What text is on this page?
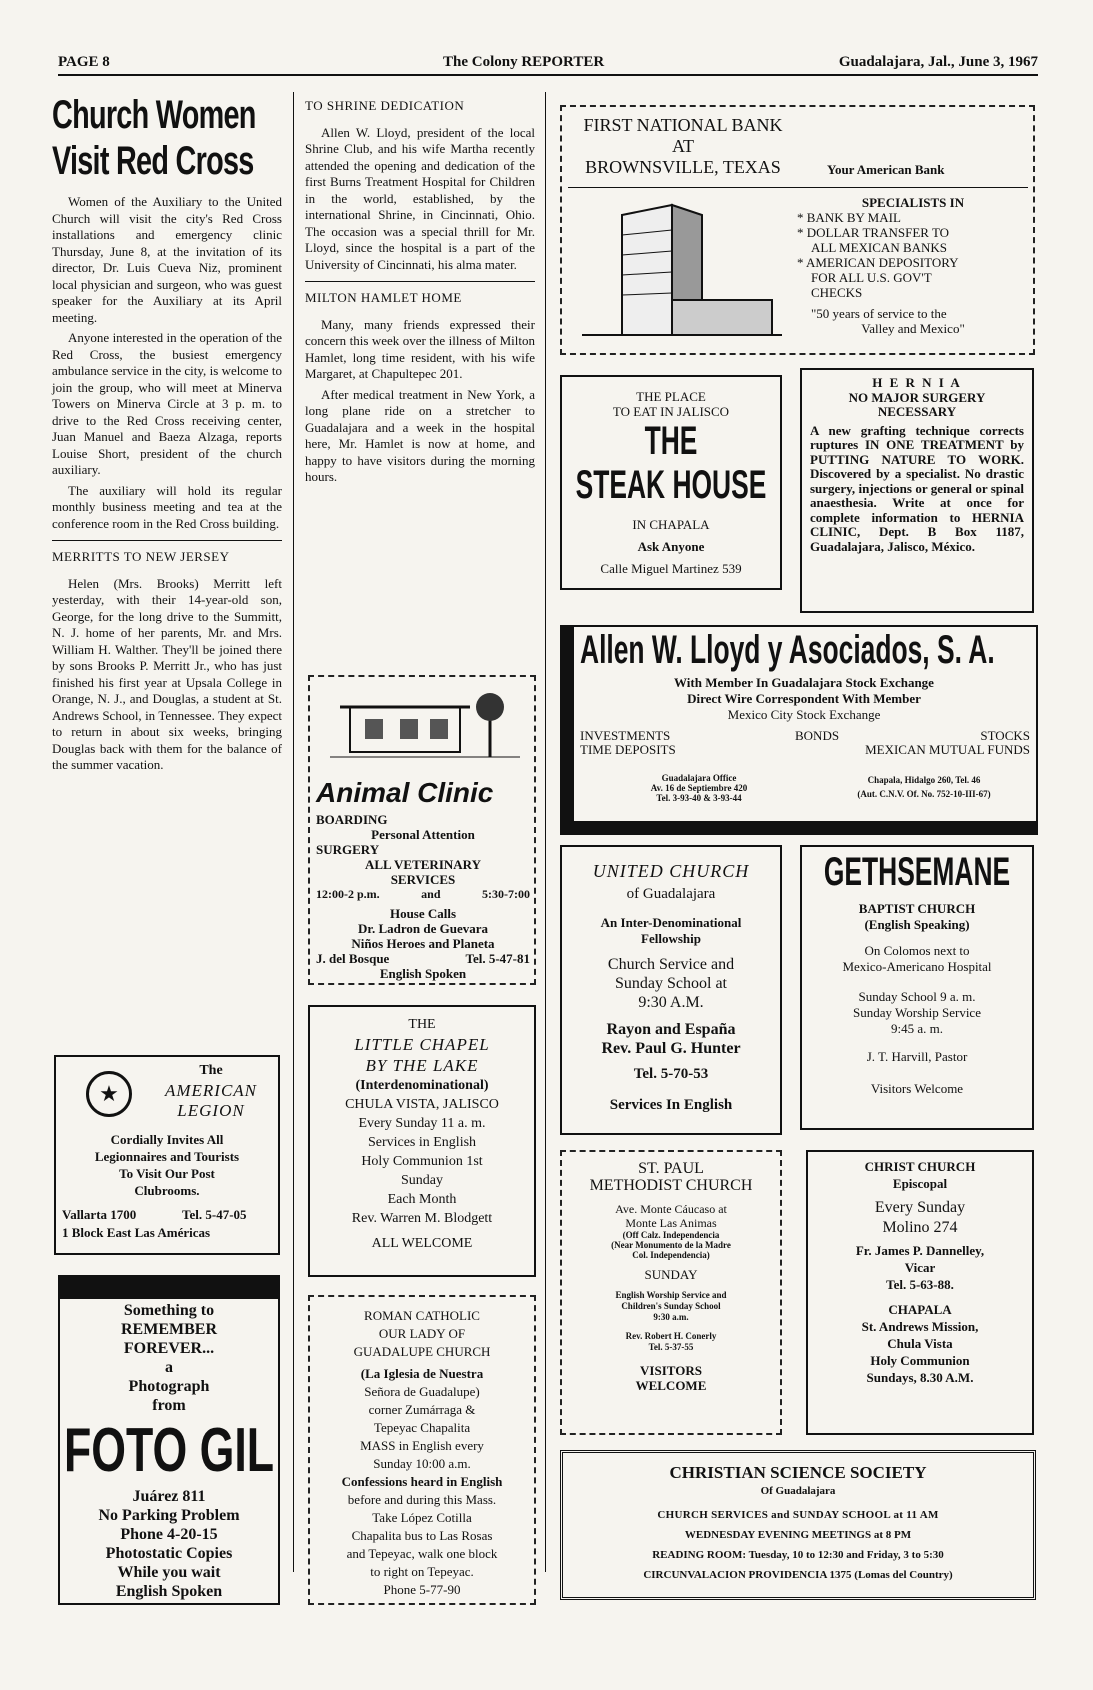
PAGE 8	The Colony REPORTER	Guadalajara, Jal., June 3, 1967
Church Women
Visit Red Cross

Women of the Auxiliary to the United Church will visit the city's Red Cross installations and emergency clinic Thursday, June 8, at the invitation of its director, Dr. Luis Cueva Niz, prominent local physician and surgeon, who was guest speaker for the Auxiliary at its April meeting.

Anyone interested in the operation of the Red Cross, the busiest emergency ambulance service in the city, is welcome to join the group, who will meet at Minerva Towers on Minerva Circle at 3 p. m. to drive to the Red Cross receiving center, Juan Manuel and Baeza Alzaga, reports Louise Short, president of the church auxiliary.

The auxiliary will hold its regular monthly business meeting and tea at the conference room in the Red Cross building.

MERRITTS TO NEW JERSEY

Helen (Mrs. Brooks) Merritt left yesterday, with their 14-year-old son, George, for the long drive to the Summitt, N. J. home of her parents, Mr. and Mrs. William H. Walther. They'll be joined there by sons Brooks P. Merritt Jr., who has just finished his first year at Upsala College in Orange, N. J., and Douglas, a student at St. Andrews School, in Tennessee. They expect to return in about six weeks, bringing Douglas back with them for the balance of the summer vacation.

★
The
AMERICAN
LEGION
Cordially Invites All
Legionnaires and Tourists
To Visit Our Post
Clubrooms.
Vallarta 1700	Tel. 5-47-05
1 Block East Las Américas
Something to
REMEMBER
FOREVER...
a
Photograph
from
FOTO GIL
Juárez 811
No Parking Problem
Phone 4-20-15
Photostatic Copies
While you wait
English Spoken
TO SHRINE DEDICATION

Allen W. Lloyd, president of the local Shrine Club, and his wife Martha recently attended the opening and dedication of the first Burns Treatment Hospital for Children in the world, established, by the international Shrine, in Cincinnati, Ohio. The occasion was a special thrill for Mr. Lloyd, since the hospital is a part of the University of Cincinnati, his alma mater.

MILTON HAMLET HOME

Many, many friends expressed their concern this week over the illness of Milton Hamlet, long time resident, with his wife Margaret, at Chapultepec 201.

After medical treatment in New York, a long plane ride on a stretcher to Guadalajara and a week in the hospital here, Mr. Hamlet is now at home, and happy to have visitors during the morning hours.

Animal Clinic
BOARDING
Personal Attention
SURGERY
ALL VETERINARY
SERVICES
12:00-2 p.m.	and	5:30-7:00
House Calls
Dr. Ladron de Guevara
Niños Heroes and Planeta
J. del Bosque	Tel. 5-47-81
English Spoken
THE
LITTLE CHAPEL
BY THE LAKE
(Interdenominational)
CHULA VISTA, JALISCO
Every Sunday 11 a. m.
Services in English
Holy Communion 1st
Sunday
Each Month
Rev. Warren M. Blodgett
ALL WELCOME
ROMAN CATHOLIC
OUR LADY OF
GUADALUPE CHURCH
(La Iglesia de Nuestra
Señora de Guadalupe)
corner Zumárraga &
Tepeyac Chapalita
MASS in English every
Sunday 10:00 a.m.
Confessions heard in English
before and during this Mass.
Take López Cotilla
Chapalita bus to Las Rosas
and Tepeyac, walk one block
to right on Tepeyac.
Phone 5-77-90
FIRST NATIONAL BANK
AT
BROWNSVILLE, TEXAS	Your American Bank
SPECIALISTS IN
* BANK BY MAIL
* DOLLAR TRANSFER TO
ALL MEXICAN BANKS
* AMERICAN DEPOSITORY
FOR ALL U.S. GOV'T
CHECKS
"50 years of service to the
Valley and Mexico"
THE PLACE
TO EAT IN JALISCO
THE
STEAK HOUSE
IN CHAPALA
Ask Anyone
Calle Miguel Martinez 539
H E R N I A
NO MAJOR SURGERY
NECESSARY
A new grafting technique corrects ruptures IN ONE TREATMENT by PUTTING NATURE TO WORK. Discovered by a specialist. No drastic surgery, injections or general or spinal anaesthesia. Write at once for complete information to HERNIA CLINIC, Dept. B Box 1187, Guadalajara, Jalisco, México.
Allen W. Lloyd y Asociados, S. A.
With Member In Guadalajara Stock Exchange
Direct Wire Correspondent With Member
Mexico City Stock Exchange
INVESTMENTS	BONDS	STOCKS
TIME DEPOSITS	MEXICAN MUTUAL FUNDS
Guadalajara Office
Av. 16 de Septiembre 420
Tel. 3-93-40 & 3-93-44
Chapala, Hidalgo 260, Tel. 46
(Aut. C.N.V. Of. No. 752-10-III-67)
UNITED CHURCH
of Guadalajara
An Inter-Denominational
Fellowship
Church Service and
Sunday School at
9:30 A.M.
Rayon and España
Rev. Paul G. Hunter
Tel. 5-70-53
Services In English
GETHSEMANE
BAPTIST CHURCH
(English Speaking)
On Colomos next to
Mexico-Americano Hospital
Sunday School 9 a. m.
Sunday Worship Service
9:45 a. m.
J. T. Harvill, Pastor
Visitors Welcome
ST. PAUL
METHODIST CHURCH
Ave. Monte Cáucaso at
Monte Las Animas
(Off Calz. Independencia
(Near Monumento de la Madre
Col. Independencia)
SUNDAY
English Worship Service and
Children's Sunday School
9:30 a.m.
Rev. Robert H. Conerly
Tel. 5-37-55
VISITORS
WELCOME
CHRIST CHURCH
Episcopal
Every Sunday
Molino 274
Fr. James P. Dannelley,
Vicar
Tel. 5-63-88.
CHAPALA
St. Andrews Mission,
Chula Vista
Holy Communion
Sundays, 8.30 A.M.
CHRISTIAN SCIENCE SOCIETY
Of Guadalajara
CHURCH SERVICES and SUNDAY SCHOOL at 11 AM
WEDNESDAY EVENING MEETINGS at 8 PM
READING ROOM: Tuesday, 10 to 12:30 and Friday, 3 to 5:30
CIRCUNVALACION PROVIDENCIA 1375 (Lomas del Country)
